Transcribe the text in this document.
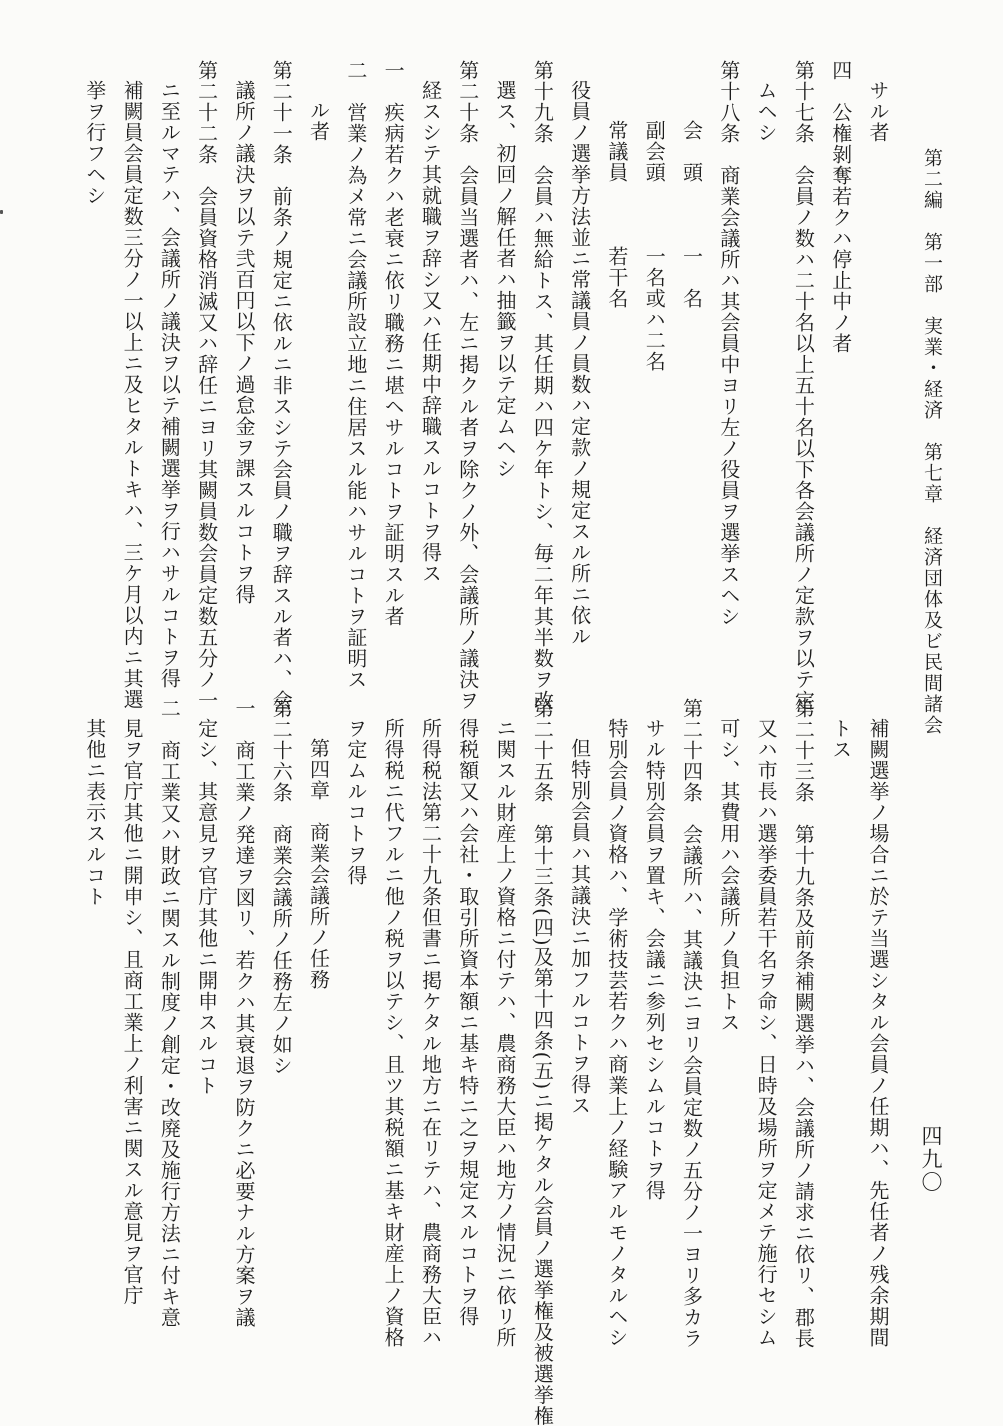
第二編　第一部　実業・経済　第七章　経済団体及ビ民間諸会
四九〇
サル者
四　公権剝奪若クハ停止中ノ者
第十七条　会員ノ数ハ二十名以上五十名以下各会議所ノ定款ヲ以テ定
ムヘシ
第十八条　商業会議所ハ其会員中ヨリ左ノ役員ヲ選挙スヘシ
会　頭　　　一　名
副会頭　　　一名或ハ二名
常議員　　　若干名
役員ノ選挙方法並ニ常議員ノ員数ハ定款ノ規定スル所ニ依ル
第十九条　会員ハ無給トス、其任期ハ四ケ年トシ、毎二年其半数ヲ改
選ス、初回ノ解任者ハ抽籤ヲ以テ定ムヘシ
第二十条　会員当選者ハ、左ニ掲クル者ヲ除クノ外、会議所ノ議決ヲ
経スシテ其就職ヲ辞シ又ハ任期中辞職スルコトヲ得ス
一　疾病若クハ老衰ニ依リ職務ニ堪ヘサルコトヲ証明スル者
二　営業ノ為メ常ニ会議所設立地ニ住居スル能ハサルコトヲ証明ス
ル者
第二十一条　前条ノ規定ニ依ルニ非スシテ会員ノ職ヲ辞スル者ハ、会
議所ノ議決ヲ以テ弐百円以下ノ過怠金ヲ課スルコトヲ得
第二十二条　会員資格消滅又ハ辞任ニヨリ其闕員数会員定数五分ノ一
ニ至ルマテハ、会議所ノ議決ヲ以テ補闕選挙ヲ行ハサルコトヲ得
補闕員会員定数三分ノ一以上ニ及ヒタルトキハ、三ケ月以内ニ其選
挙ヲ行フヘシ
補闕選挙ノ場合ニ於テ当選シタル会員ノ任期ハ、先任者ノ残余期間
トス
第二十三条　第十九条及前条補闕選挙ハ、会議所ノ請求ニ依リ、郡長
又ハ市長ハ選挙委員若干名ヲ命シ、日時及場所ヲ定メテ施行セシム
可シ、其費用ハ会議所ノ負担トス
第二十四条　会議所ハ、其議決ニヨリ会員定数ノ五分ノ一ヨリ多カラ
サル特別会員ヲ置キ、会議ニ参列セシムルコトヲ得
特別会員ノ資格ハ、学術技芸若クハ商業上ノ経験アルモノタルヘシ
但特別会員ハ其議決ニ加フルコトヲ得ス
第二十五条　第十三条(四)及第十四条(五)ニ掲ケタル会員ノ選挙権及被選挙権
ニ関スル財産上ノ資格ニ付テハ、農商務大臣ハ地方ノ情況ニ依リ所
得税額又ハ会社・取引所資本額ニ基キ特ニ之ヲ規定スルコトヲ得
所得税法第二十九条但書ニ掲ケタル地方ニ在リテハ、農商務大臣ハ
所得税ニ代フルニ他ノ税ヲ以テシ、且ツ其税額ニ基キ財産上ノ資格
ヲ定ムルコトヲ得
第四章　商業会議所ノ任務
第二十六条　商業会議所ノ任務左ノ如シ
一　商工業ノ発達ヲ図リ、若クハ其衰退ヲ防クニ必要ナル方案ヲ議
定シ、其意見ヲ官庁其他ニ開申スルコト
二　商工業又ハ財政ニ関スル制度ノ創定・改廃及施行方法ニ付キ意
見ヲ官庁其他ニ開申シ、且商工業上ノ利害ニ関スル意見ヲ官庁
其他ニ表示スルコト
